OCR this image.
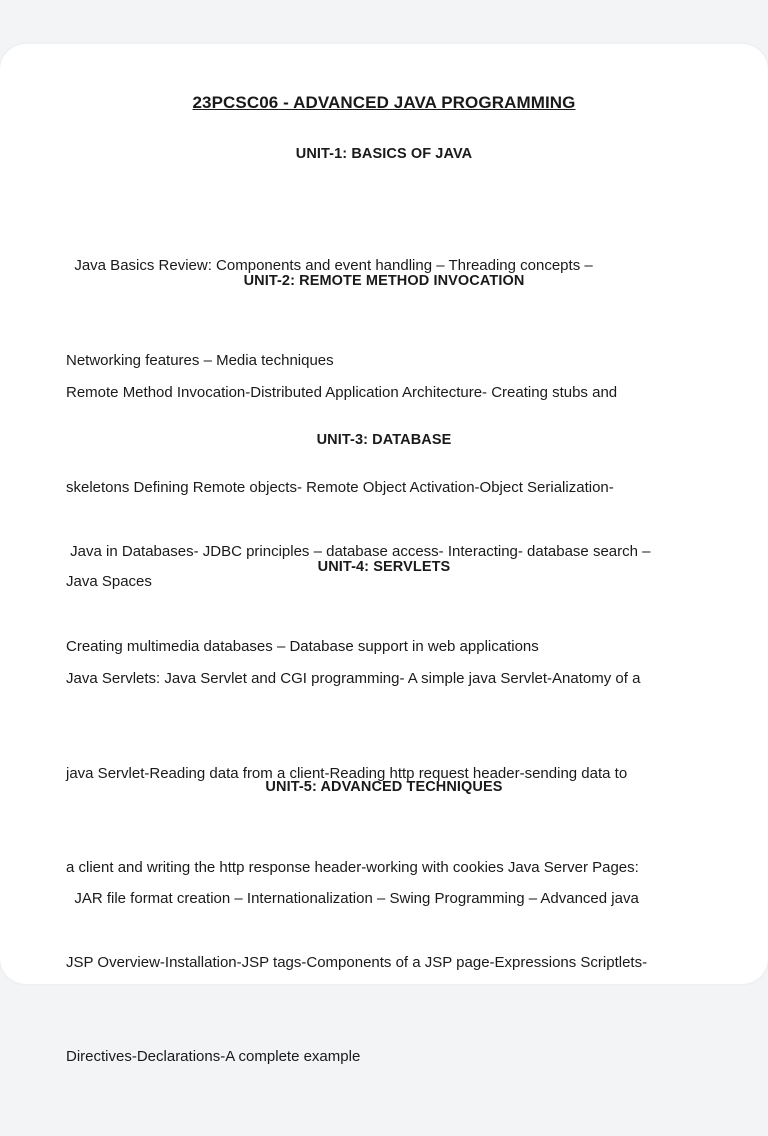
23PCSC06 - ADVANCED JAVA PROGRAMMING
UNIT-1: BASICS OF JAVA

Java Basics Review: Components and event handling – Threading concepts –

Networking features – Media techniques

UNIT-2: REMOTE METHOD INVOCATION

Remote Method Invocation-Distributed Application Architecture- Creating stubs and

skeletons Defining Remote objects- Remote Object Activation-Object Serialization-

Java Spaces

UNIT-3: DATABASE

Java in Databases- JDBC principles – database access- Interacting- database search –

Creating multimedia databases – Database support in web applications

UNIT-4: SERVLETS

Java Servlets: Java Servlet and CGI programming- A simple java Servlet-Anatomy of a

java Servlet-Reading data from a client-Reading http request header-sending data to

a client and writing the http response header-working with cookies Java Server Pages:

JSP Overview-Installation-JSP tags-Components of a JSP page-Expressions Scriptlets-

Directives-Declarations-A complete example

UNIT-5: ADVANCED TECHNIQUES

JAR file format creation – Internationalization – Swing Programming – Advanced java
